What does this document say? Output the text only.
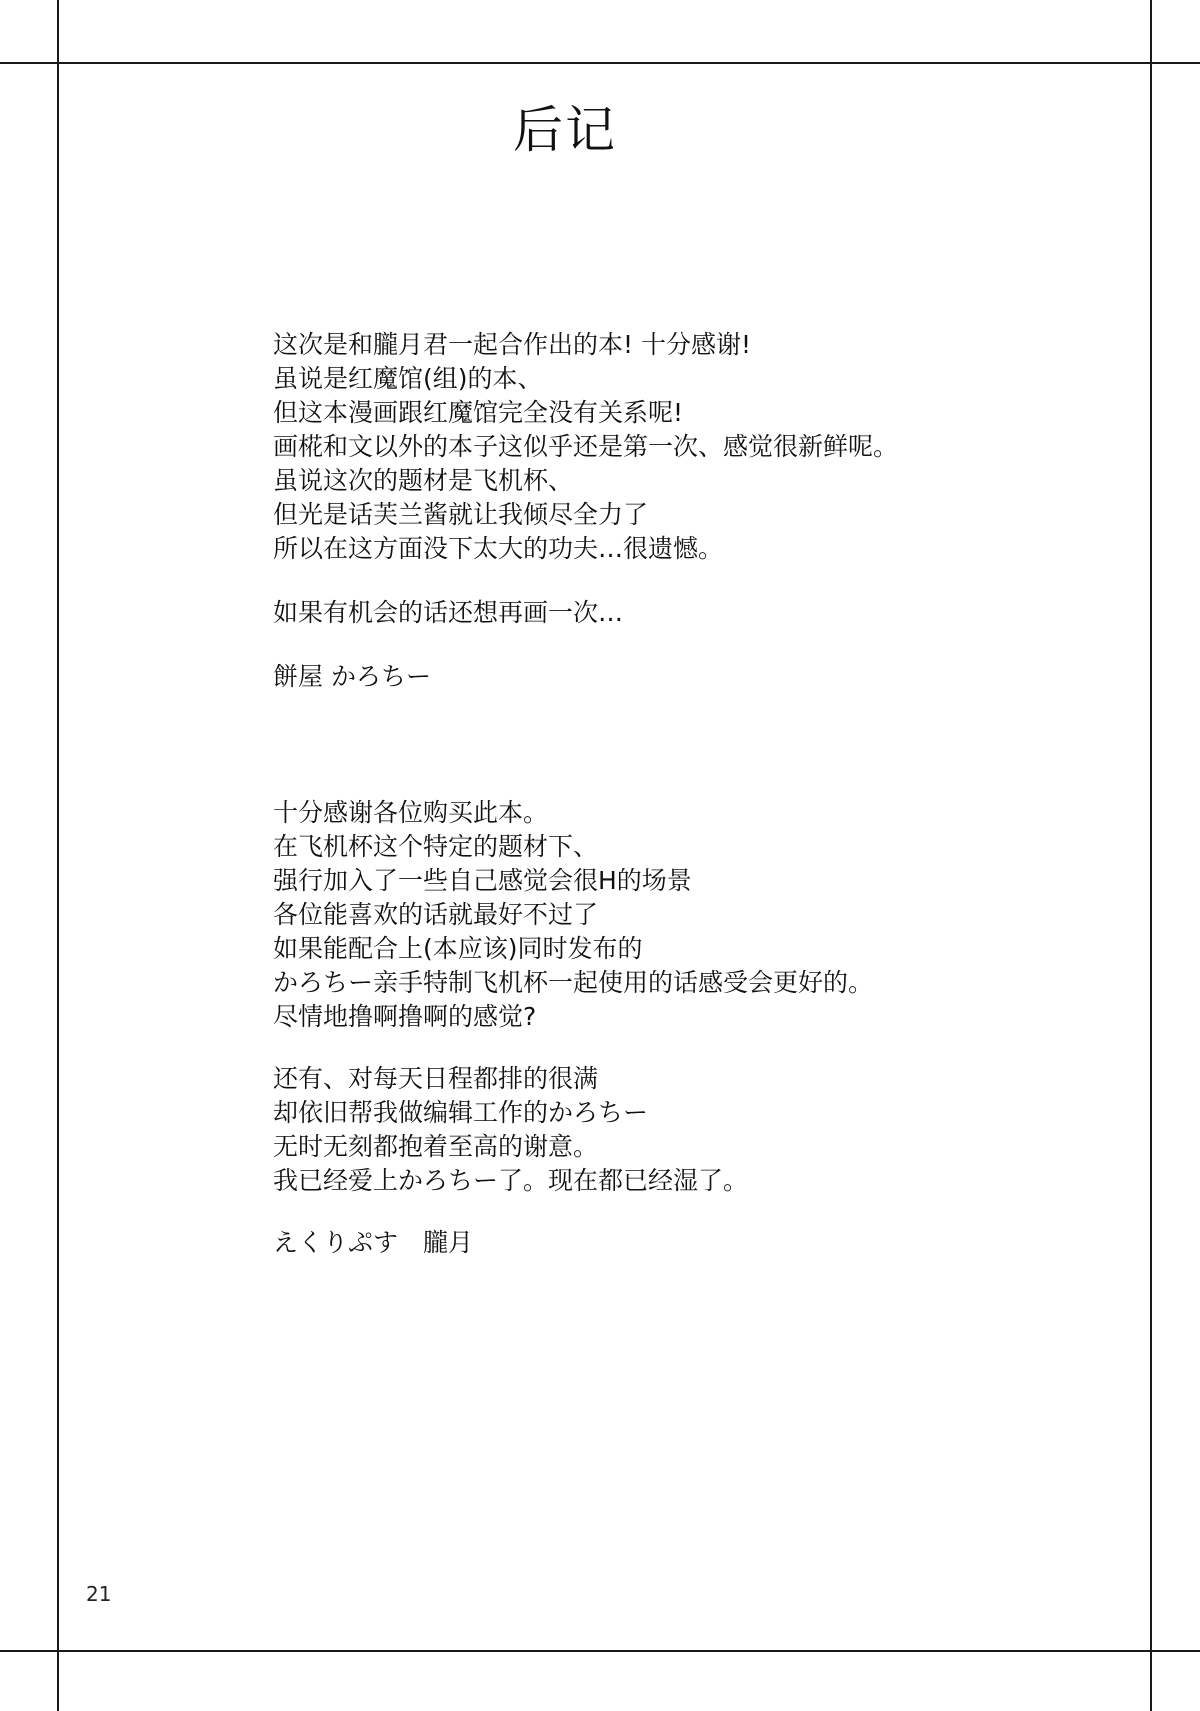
后记
这次是和朧月君一起合作出的本! 十分感谢!
虽说是红魔馆(组)的本、
但这本漫画跟红魔馆完全没有关系呢!
画椛和文以外的本子这似乎还是第一次、感觉很新鲜呢。
虽说这次的题材是飞机杯、
但光是话芙兰酱就让我倾尽全力了
所以在这方面没下太大的功夫…很遗憾。
如果有机会的话还想再画一次…
餅屋 かろちー
十分感谢各位购买此本。
在飞机杯这个特定的题材下、
强行加入了一些自己感觉会很H的场景
各位能喜欢的话就最好不过了
如果能配合上(本应该)同时发布的
かろちー亲手特制飞机杯一起使用的话感受会更好的。
尽情地撸啊撸啊的感觉?
还有、对每天日程都排的很满
却依旧帮我做编辑工作的かろちー
无时无刻都抱着至高的谢意。
我已经爱上かろちー了。现在都已经湿了。
えくりぷす　朧月
21
